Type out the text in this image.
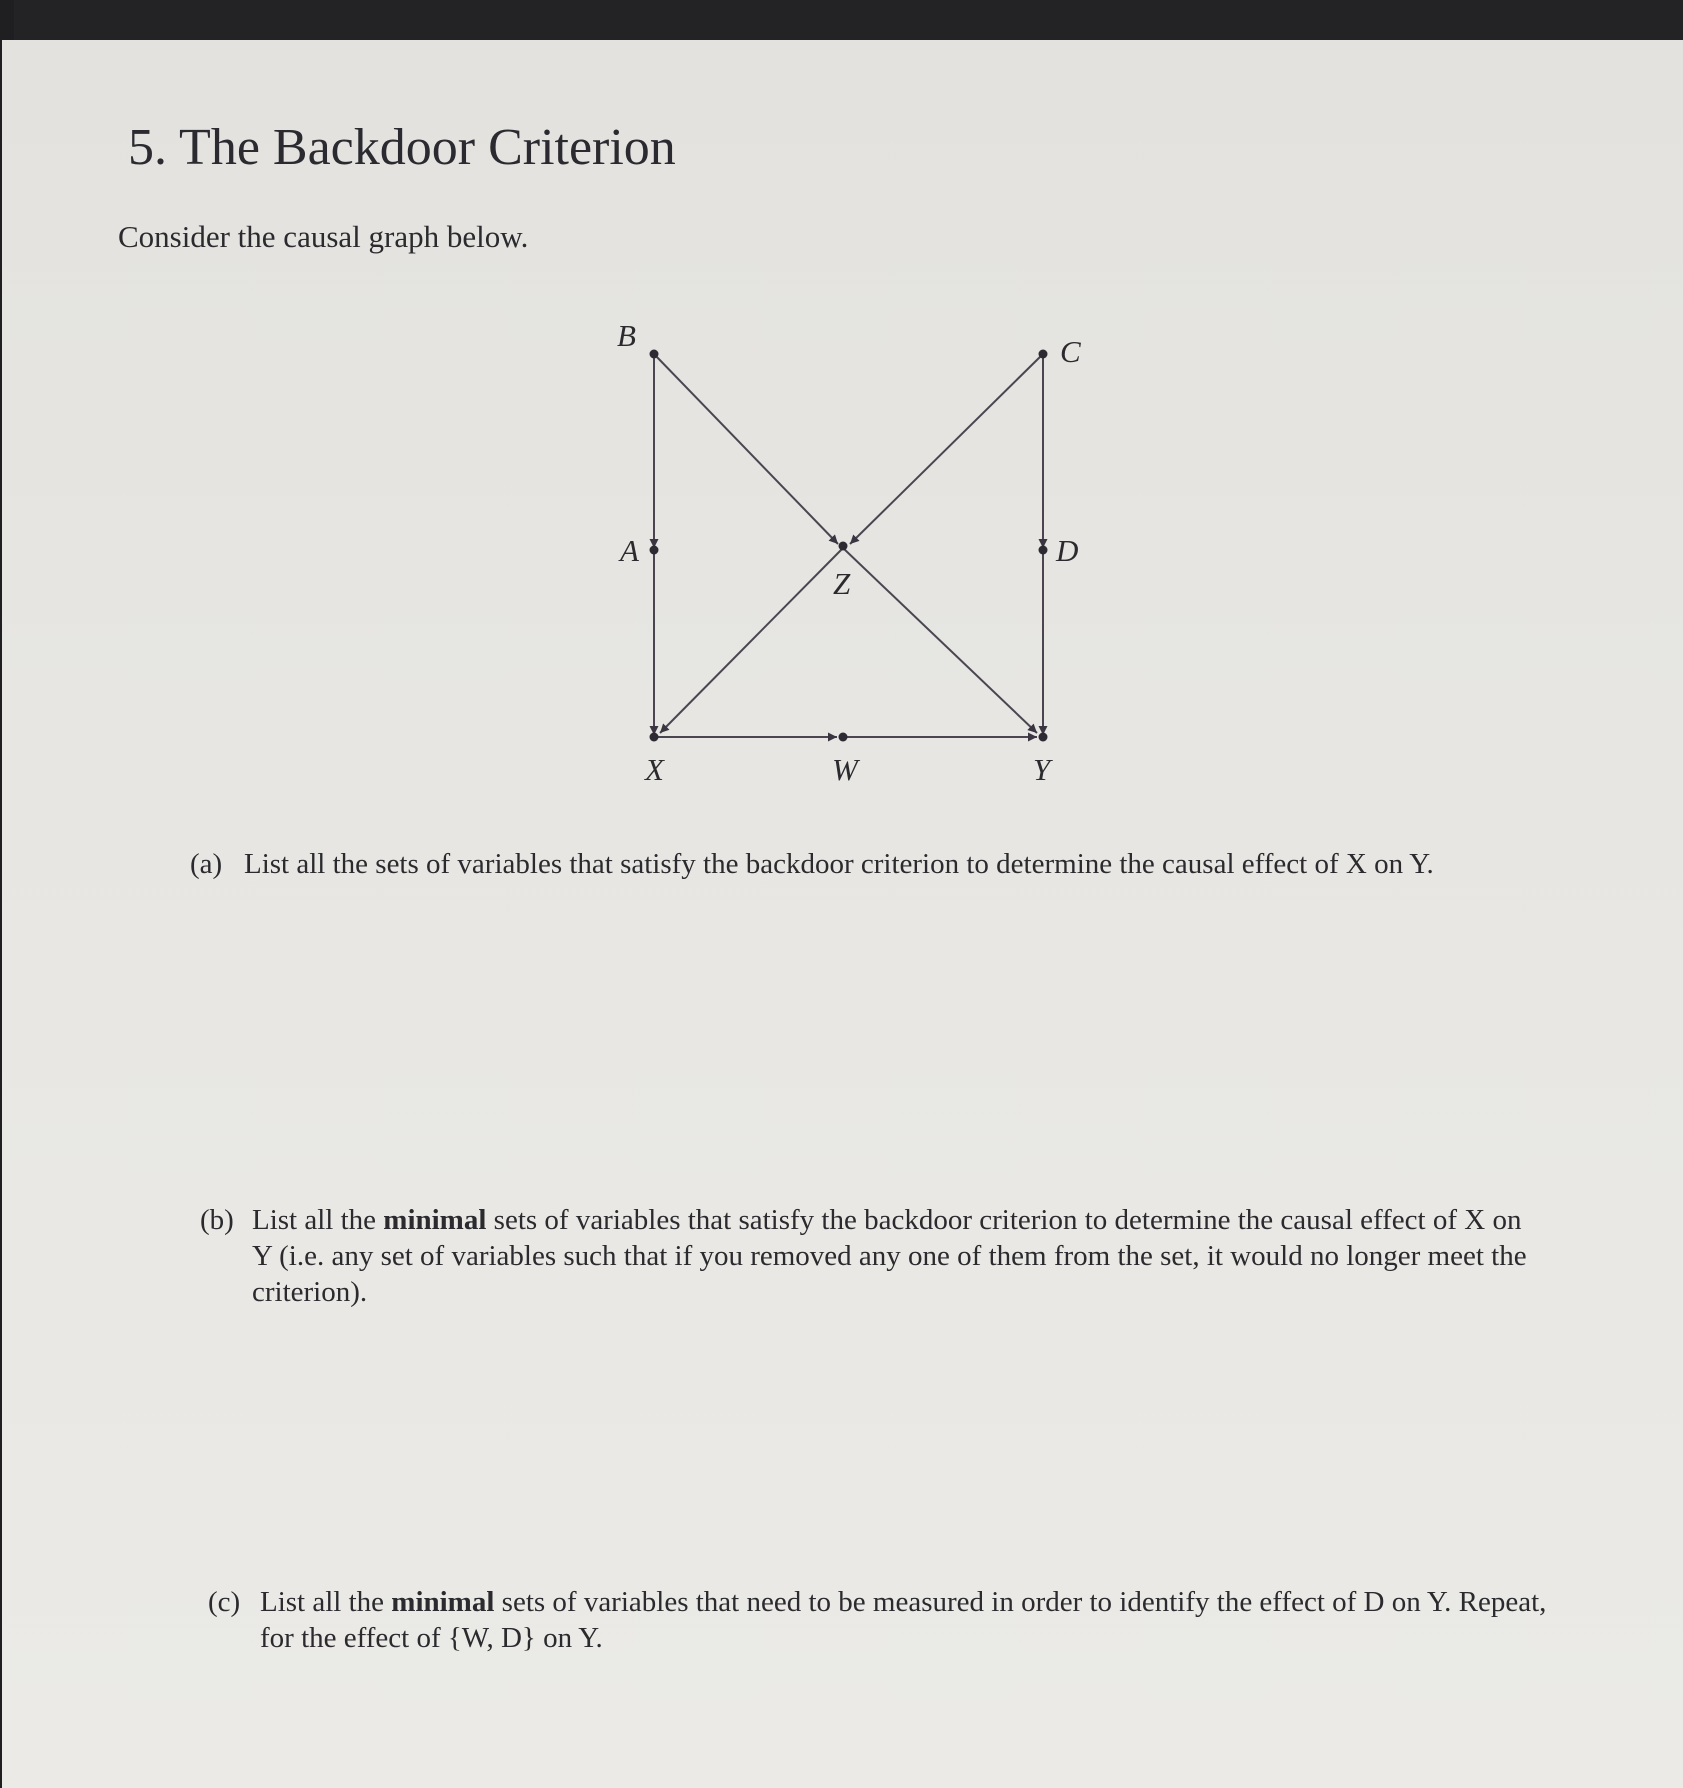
5. The Backdoor Criterion

Consider the causal graph below.

B	C
A	D
Z
X	W	Y
(a) List all the sets of variables that satisfy the backdoor criterion to determine the causal effect of X on Y.
(b) List all the minimal sets of variables that satisfy the backdoor criterion to determine the causal effect of X on Y (i.e. any set of variables such that if you removed any one of them from the set, it would no longer meet the criterion).
(c) List all the minimal sets of variables that need to be measured in order to identify the effect of D on Y. Repeat, for the effect of {W, D} on Y.
